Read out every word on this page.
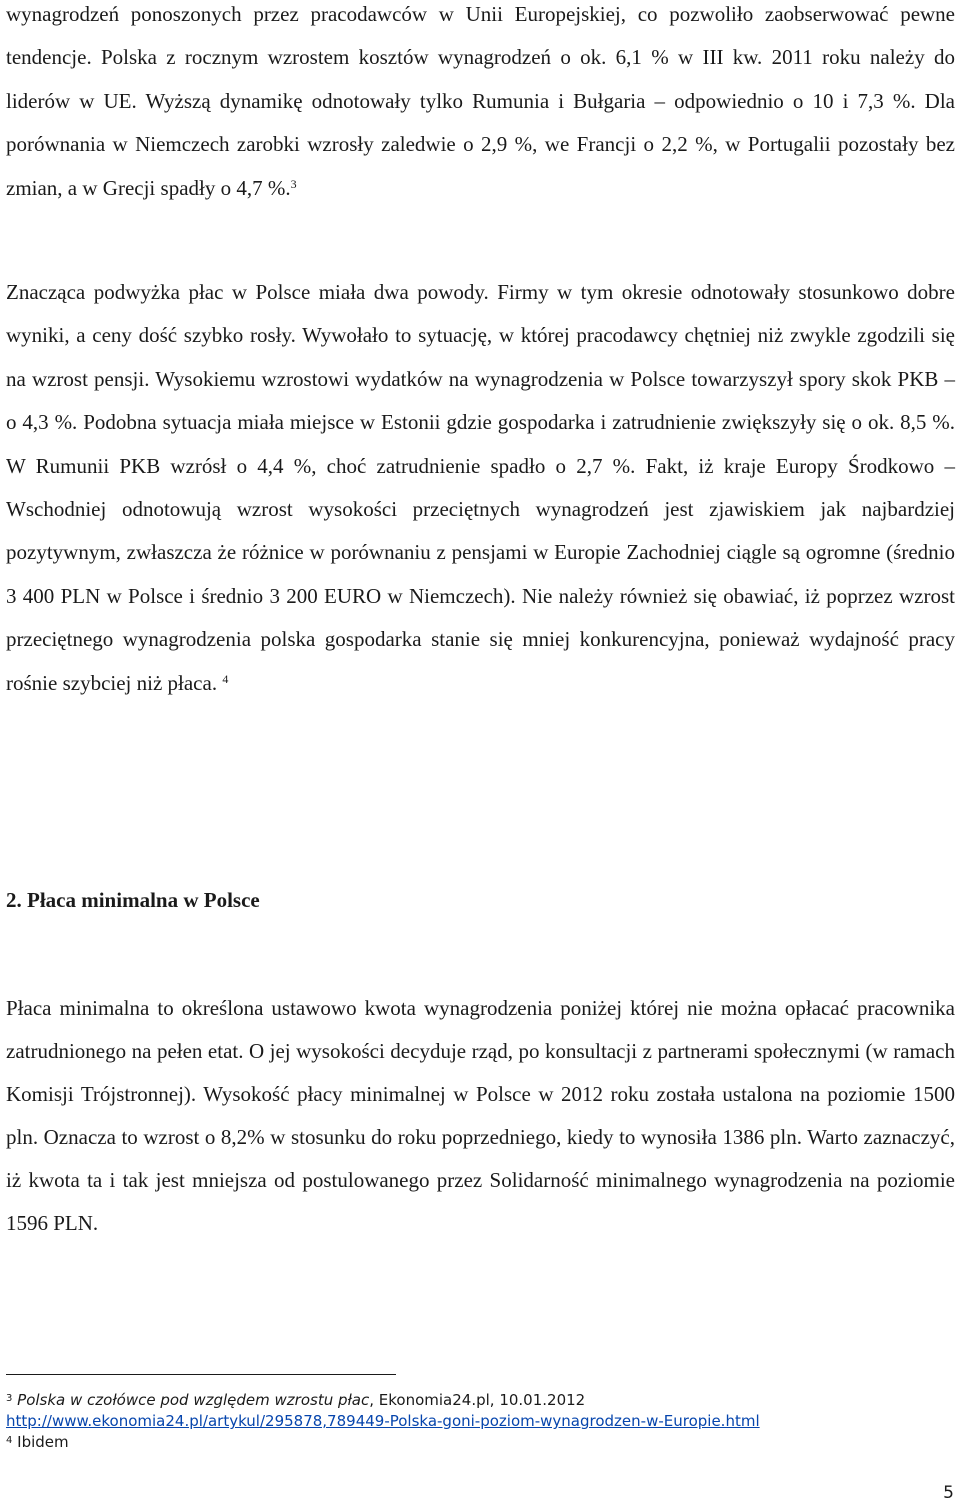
wynagrodzeń ponoszonych przez pracodawców w Unii Europejskiej, co pozwoliło zaobserwować pewne tendencje. Polska z rocznym wzrostem kosztów wynagrodzeń o ok. 6,1 % w III kw. 2011 roku należy do liderów w UE. Wyższą dynamikę odnotowały tylko Rumunia i Bułgaria – odpowiednio o 10 i 7,3 %. Dla porównania w Niemczech zarobki wzrosły zaledwie o 2,9 %, we Francji o 2,2 %, w Portugalii pozostały bez zmian, a w Grecji spadły o 4,7 %.$^3$

Znacząca podwyżka płac w Polsce miała dwa powody. Firmy w tym okresie odnotowały stosunkowo dobre wyniki, a ceny dość szybko rosły. Wywołało to sytuację, w której pracodawcy chętniej niż zwykle zgodzili się na wzrost pensji. Wysokiemu wzrostowi wydatków na wynagrodzenia w Polsce towarzyszył spory skok PKB – o 4,3 %. Podobna sytuacja miała miejsce w Estonii gdzie gospodarka i zatrudnienie zwiększyły się o ok. 8,5 %. W Rumunii PKB wzrósł o 4,4 %, choć zatrudnienie spadło o 2,7 %. Fakt, iż kraje Europy Środkowo – Wschodniej odnotowują wzrost wysokości przeciętnych wynagrodzeń jest zjawiskiem jak najbardziej pozytywnym, zwłaszcza że różnice w porównaniu z pensjami w Europie Zachodniej ciągle są ogromne (średnio 3 400 PLN w Polsce i średnio 3 200 EURO w Niemczech). Nie należy również się obawiać, iż poprzez wzrost przeciętnego wynagrodzenia polska gospodarka stanie się mniej konkurencyjna, ponieważ wydajność pracy rośnie szybciej niż płaca. $^4$

2. Płaca minimalna w Polsce

Płaca minimalna to określona ustawowo kwota wynagrodzenia poniżej której nie można opłacać pracownika zatrudnionego na pełen etat. O jej wysokości decyduje rząd, po konsultacji z partnerami społecznymi (w ramach Komisji Trójstronnej). Wysokość płacy minimalnej w Polsce w 2012 roku została ustalona na poziomie 1500 pln. Oznacza to wzrost o 8,2% w stosunku do roku poprzedniego, kiedy to wynosiła 1386 pln. Warto zaznaczyć, iż kwota ta i tak jest mniejsza od postulowanego przez Solidarność minimalnego wynagrodzenia na poziomie 1596 PLN.

$^3$ Polska w czołówce pod względem wzrostu płac, Ekonomia24.pl, 10.01.2012
http://www.ekonomia24.pl/artykul/295878,789449-Polska-goni-poziom-wynagrodzen-w-Europie.html
$^4$ Ibidem
5
